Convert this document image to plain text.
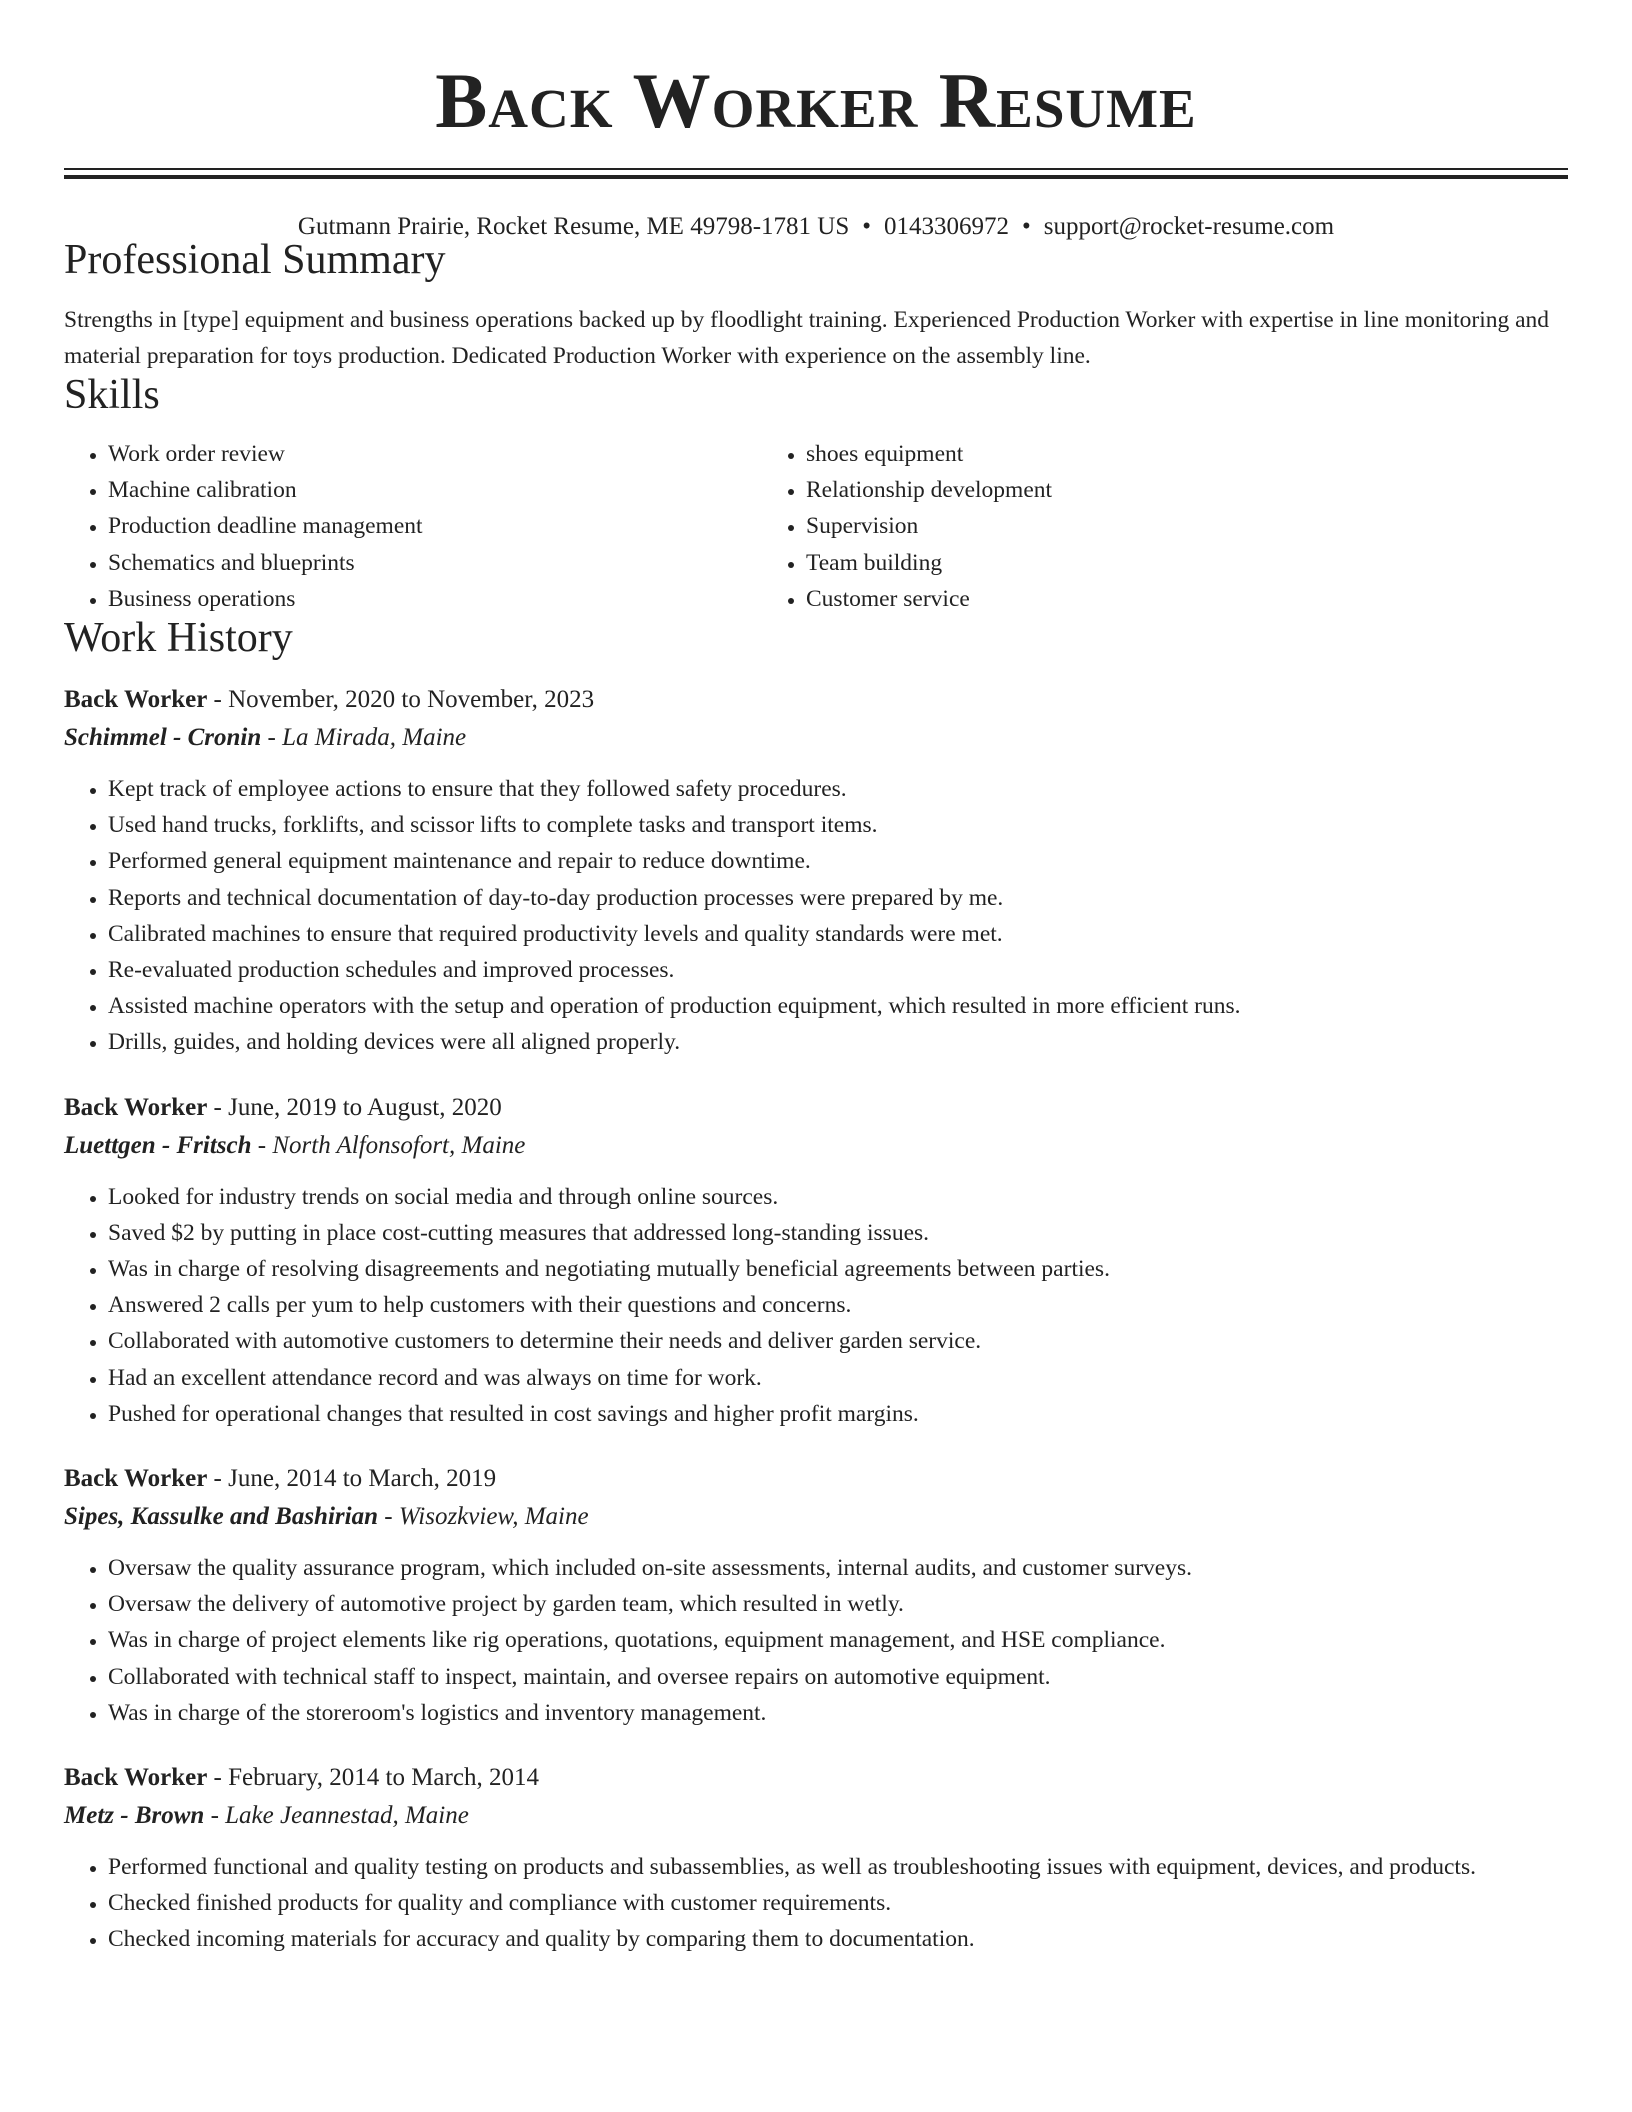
Back Worker Resume
Gutmann Prairie, Rocket Resume, ME 49798-1781 US • 0143306972 • support@rocket-resume.com
Professional Summary

Strengths in [type] equipment and business operations backed up by floodlight training. Experienced Production Worker with expertise in line monitoring and material preparation for toys production. Dedicated Production Worker with experience on the assembly line.

Skills
• Work order review
• Machine calibration
• Production deadline management
• Schematics and blueprints
• Business operations
• shoes equipment
• Relationship development
• Supervision
• Team building
• Customer service
Work History
Back Worker - November, 2020 to November, 2023
Schimmel - Cronin - La Mirada, Maine
• Kept track of employee actions to ensure that they followed safety procedures.
• Used hand trucks, forklifts, and scissor lifts to complete tasks and transport items.
• Performed general equipment maintenance and repair to reduce downtime.
• Reports and technical documentation of day-to-day production processes were prepared by me.
• Calibrated machines to ensure that required productivity levels and quality standards were met.
• Re-evaluated production schedules and improved processes.
• Assisted machine operators with the setup and operation of production equipment, which resulted in more efficient runs.
• Drills, guides, and holding devices were all aligned properly.
Back Worker - June, 2019 to August, 2020
Luettgen - Fritsch - North Alfonsofort, Maine
• Looked for industry trends on social media and through online sources.
• Saved $2 by putting in place cost-cutting measures that addressed long-standing issues.
• Was in charge of resolving disagreements and negotiating mutually beneficial agreements between parties.
• Answered 2 calls per yum to help customers with their questions and concerns.
• Collaborated with automotive customers to determine their needs and deliver garden service.
• Had an excellent attendance record and was always on time for work.
• Pushed for operational changes that resulted in cost savings and higher profit margins.
Back Worker - June, 2014 to March, 2019
Sipes, Kassulke and Bashirian - Wisozkview, Maine
• Oversaw the quality assurance program, which included on-site assessments, internal audits, and customer surveys.
• Oversaw the delivery of automotive project by garden team, which resulted in wetly.
• Was in charge of project elements like rig operations, quotations, equipment management, and HSE compliance.
• Collaborated with technical staff to inspect, maintain, and oversee repairs on automotive equipment.
• Was in charge of the storeroom's logistics and inventory management.
Back Worker - February, 2014 to March, 2014
Metz - Brown - Lake Jeannestad, Maine
• Performed functional and quality testing on products and subassemblies, as well as troubleshooting issues with equipment, devices, and products.
• Checked finished products for quality and compliance with customer requirements.
• Checked incoming materials for accuracy and quality by comparing them to documentation.
